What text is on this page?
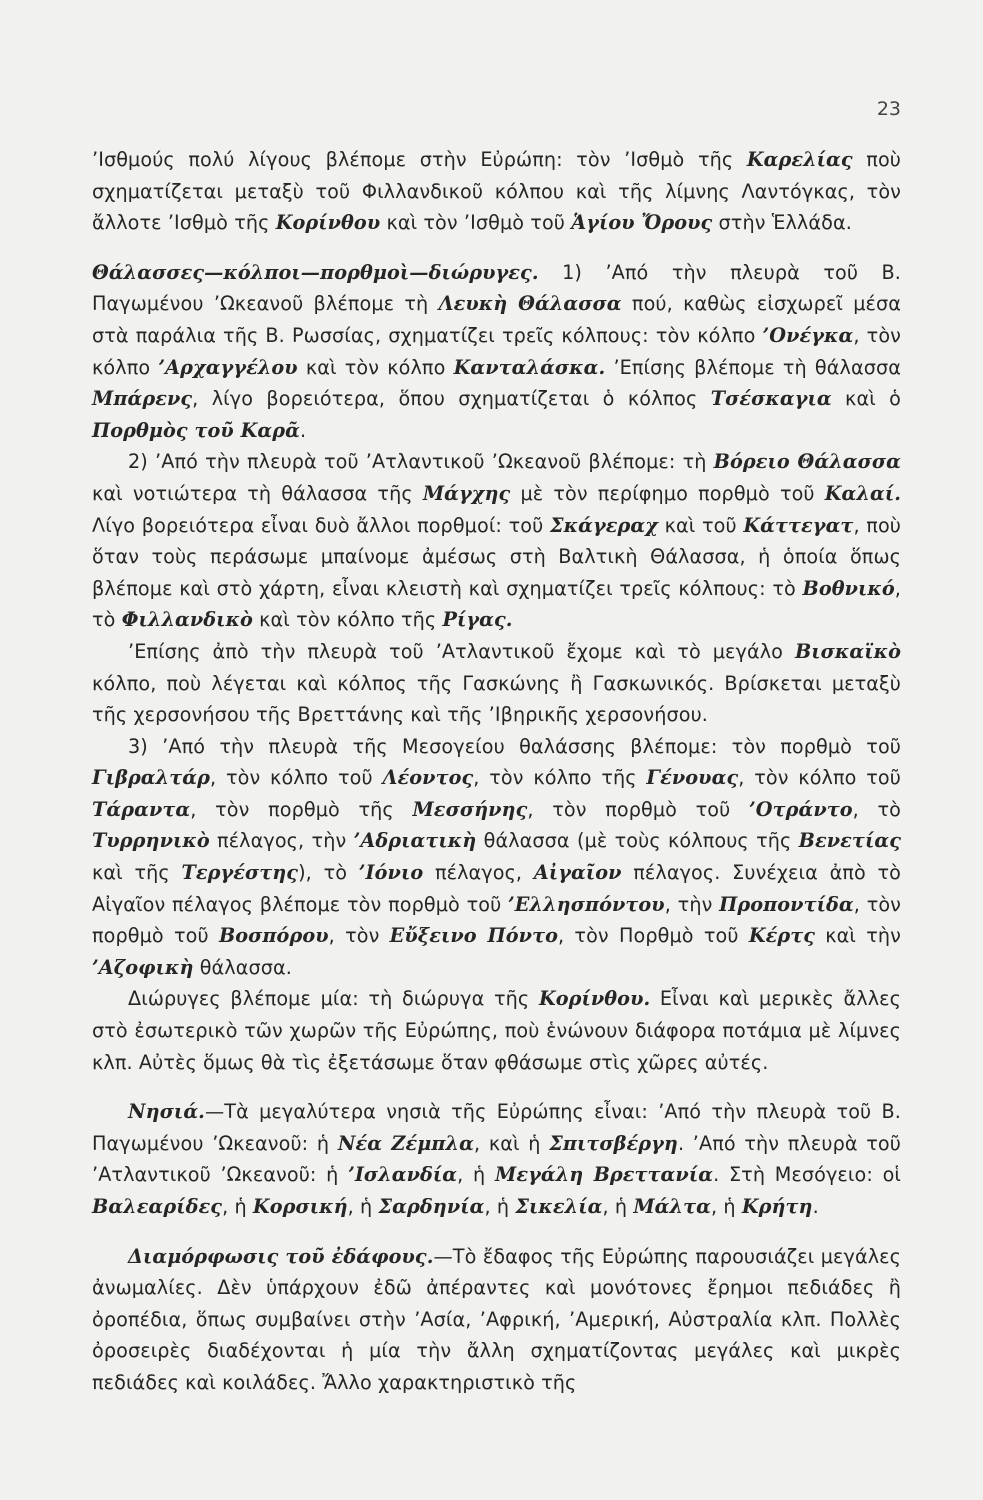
23

’Ισθμούς πολύ λίγους βλέπομε στὴν Εὐρώπη: τὸν ’Ισθμὸ τῆς Καρελίας ποὺ σχηματίζεται μεταξὺ τοῦ Φιλλανδικοῦ κόλπου καὶ τῆς λίμνης Λαντόγκας, τὸν ἄλλοτε ’Ισθμὸ τῆς Κορίνθου καὶ τὸν ’Ισθμὸ τοῦ Ἁγίου Ὄρους στὴν Ἑλλάδα.

Θάλασσες—κόλποι—πορθμοὶ—διώρυγες. 1) ’Από τὴν πλευρὰ τοῦ Β. Παγωμένου ’Ωκεανοῦ βλέπομε τὴ Λευκὴ Θάλασσα πού, καθὼς εἰσχωρεῖ μέσα στὰ παράλια τῆς Β. Ρωσσίας, σχηματίζει τρεῖς κόλπους: τὸν κόλπο ’Ονέγκα, τὸν κόλπο ’Αρχαγγέλου καὶ τὸν κόλπο Κανταλάσκα. ’Επίσης βλέπομε τὴ θάλασσα Μπάρενς, λίγο βορειότερα, ὅπου σχηματίζεται ὁ κόλπος Τσέσκαγια καὶ ὁ Πορθμὸς τοῦ Καρᾶ.

2) ’Από τὴν πλευρὰ τοῦ ’Ατλαντικοῦ ’Ωκεανοῦ βλέπομε: τὴ Βόρειο Θάλασσα καὶ νοτιώτερα τὴ θάλασσα τῆς Μάγχης μὲ τὸν περίφημο πορθμὸ τοῦ Καλαί. Λίγο βορειότερα εἶναι δυὸ ἄλλοι πορθμοί: τοῦ Σκάγεραχ καὶ τοῦ Κάττεγατ, ποὺ ὅταν τοὺς περάσωμε μπαίνομε ἀμέσως στὴ Βαλτικὴ Θάλασσα, ἡ ὁποία ὅπως βλέπομε καὶ στὸ χάρτη, εἶναι κλειστὴ καὶ σχηματίζει τρεῖς κόλπους: τὸ Βοθνικό, τὸ Φιλλανδικὸ καὶ τὸν κόλπο τῆς Ρίγας.

’Επίσης ἀπὸ τὴν πλευρὰ τοῦ ’Ατλαντικοῦ ἔχομε καὶ τὸ μεγάλο Βισκαϊκὸ κόλπο, ποὺ λέγεται καὶ κόλπος τῆς Γασκώνης ἢ Γασκωνικός. Βρίσκεται μεταξὺ τῆς χερσονήσου τῆς Βρεττάνης καὶ τῆς ’Ιβηρικῆς χερσονήσου.

3) ’Από τὴν πλευρὰ τῆς Μεσογείου θαλάσσης βλέπομε: τὸν πορθμὸ τοῦ Γιβραλτάρ, τὸν κόλπο τοῦ Λέοντος, τὸν κόλπο τῆς Γένουας, τὸν κόλπο τοῦ Τάραντα, τὸν πορθμὸ τῆς Μεσσήνης, τὸν πορθμὸ τοῦ ’Οτράντο, τὸ Τυρρηνικὸ πέλαγος, τὴν ’Αδριατικὴ θάλασσα (μὲ τοὺς κόλπους τῆς Βενετίας καὶ τῆς Τεργέστης), τὸ ’Ιόνιο πέλαγος, Αἰγαῖον πέλαγος. Συνέχεια ἀπὸ τὸ Αἰγαῖον πέλαγος βλέπομε τὸν πορθμὸ τοῦ ’Ελλησπόντου, τὴν Προποντίδα, τὸν πορθμὸ τοῦ Βοσπόρου, τὸν Εὔξεινο Πόντο, τὸν Πορθμὸ τοῦ Κέρτς καὶ τὴν ’Αζοφικὴ θάλασσα.

Διώρυγες βλέπομε μία: τὴ διώρυγα τῆς Κορίνθου. Εἶναι καὶ μερικὲς ἄλλες στὸ ἐσωτερικὸ τῶν χωρῶν τῆς Εὐρώπης, ποὺ ἑνώνουν διάφορα ποτάμια μὲ λίμνες κλπ. Αὐτὲς ὅμως θὰ τὶς ἐξετάσωμε ὅταν φθάσωμε στὶς χῶρες αὐτές.

Νησιά.—Τὰ μεγαλύτερα νησιὰ τῆς Εὐρώπης εἶναι: ’Από τὴν πλευρὰ τοῦ Β. Παγωμένου ’Ωκεανοῦ: ἡ Νέα Ζέμπλα, καὶ ἡ Σπιτσβέργη. ’Από τὴν πλευρὰ τοῦ ’Ατλαντικοῦ ’Ωκεανοῦ: ἡ ’Ισλανδία, ἡ Μεγάλη Βρεττανία. Στὴ Μεσόγειο: οἱ Βαλεαρίδες, ἡ Κορσική, ἡ Σαρδηνία, ἡ Σικελία, ἡ Μάλτα, ἡ Κρήτη.

Διαμόρφωσις τοῦ ἐδάφους.—Τὸ ἔδαφος τῆς Εὐρώπης παρουσιάζει μεγάλες ἀνωμαλίες. Δὲν ὑπάρχουν ἐδῶ ἀπέραντες καὶ μονότονες ἔρημοι πεδιάδες ἢ ὀροπέδια, ὅπως συμβαίνει στὴν ’Ασία, ’Αφρική, ’Αμερική, Αὐστραλία κλπ. Πολλὲς ὀροσειρὲς διαδέχονται ἡ μία τὴν ἄλλη σχηματίζοντας μεγάλες καὶ μικρὲς πεδιάδες καὶ κοιλάδες. Ἄλλο χαρακτηριστικὸ τῆς
